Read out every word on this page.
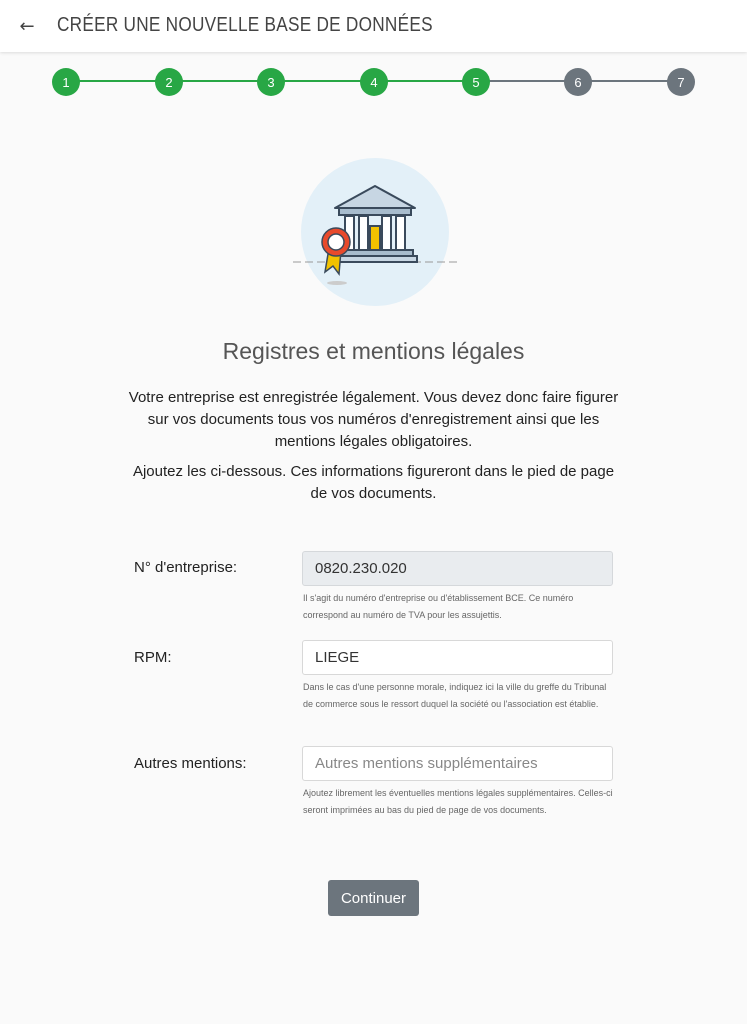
← CRÉER UNE NOUVELLE BASE DE DONNÉES
1	2	3	4	5	6	7
Registres et mentions légales

Votre entreprise est enregistrée légalement. Vous devez donc faire figurer sur vos documents tous vos numéros d'enregistrement ainsi que les mentions légales obligatoires.

Ajoutez les ci-dessous. Ces informations figureront dans le pied de page de vos documents.

N° d'entreprise:
0820.230.020
Il s'agit du numéro d'entreprise ou d'établissement BCE. Ce numéro correspond au numéro de TVA pour les assujettis.
RPM:
LIEGE
Dans le cas d'une personne morale, indiquez ici la ville du greffe du Tribunal de commerce sous le ressort duquel la société ou l'association est établie.
Autres mentions:
Autres mentions supplémentaires
Ajoutez librement les éventuelles mentions légales supplémentaires. Celles-ci seront imprimées au bas du pied de page de vos documents.
Continuer
